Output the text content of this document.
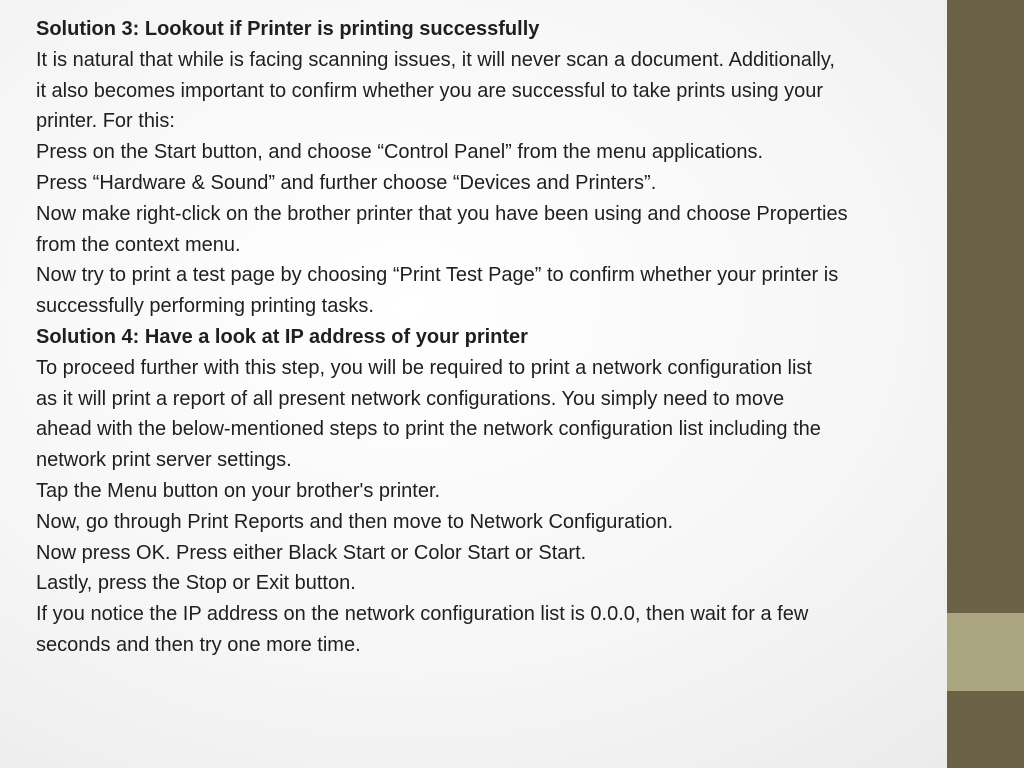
Solution 3: Lookout if Printer is printing successfully
It is natural that while is facing scanning issues, it will never scan a document. Additionally,
it also becomes important to confirm whether you are successful to take prints using your
printer. For this:
Press on the Start button, and choose “Control Panel” from the menu applications.
Press “Hardware & Sound” and further choose “Devices and Printers”.
Now make right-click on the brother printer that you have been using and choose Properties
from the context menu.
Now try to print a test page by choosing “Print Test Page” to confirm whether your printer is
successfully performing printing tasks.
Solution 4: Have a look at IP address of your printer
To proceed further with this step, you will be required to print a network configuration list
as it will print a report of all present network configurations. You simply need to move
ahead with the below-mentioned steps to print the network configuration list including the
network print server settings.
Tap the Menu button on your brother's printer.
Now, go through Print Reports and then move to Network Configuration.
Now press OK. Press either Black Start or Color Start or Start.
Lastly, press the Stop or Exit button.
If you notice the IP address on the network configuration list is 0.0.0, then wait for a few
seconds and then try one more time.
